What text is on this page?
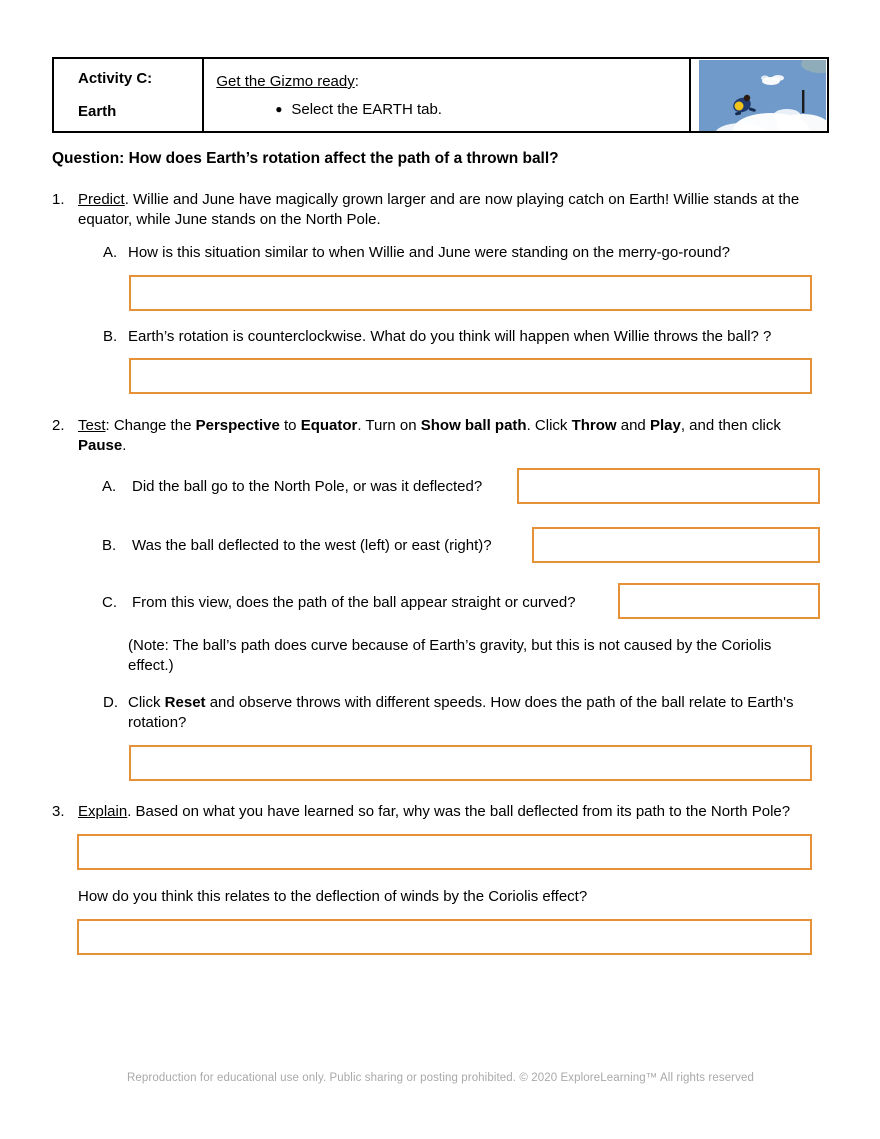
Activity C:
Earth
Get the Gizmo ready:
● Select the EARTH tab.
Question: How does Earth’s rotation affect the path of a thrown ball?
1. Predict. Willie and June have magically grown larger and are now playing catch on Earth! Willie stands at the equator, while June stands on the North Pole.
A. How is this situation similar to when Willie and June were standing on the merry-go-round?
B. Earth’s rotation is counterclockwise. What do you think will happen when Willie throws the ball? ?
2. Test: Change the Perspective to Equator. Turn on Show ball path. Click Throw and Play, and then click Pause.
A.	Did the ball go to the North Pole, or was it deflected?
B.	Was the ball deflected to the west (left) or east (right)?
C.	From this view, does the path of the ball appear straight or curved?
(Note: The ball’s path does curve because of Earth’s gravity, but this is not caused by the Coriolis effect.)
D. Click Reset and observe throws with different speeds. How does the path of the ball relate to Earth's rotation?
3. Explain. Based on what you have learned so far, why was the ball deflected from its path to the North Pole?
How do you think this relates to the deflection of winds by the Coriolis effect?
Reproduction for educational use only. Public sharing or posting prohibited. © 2020 ExploreLearning™ All rights reserved
